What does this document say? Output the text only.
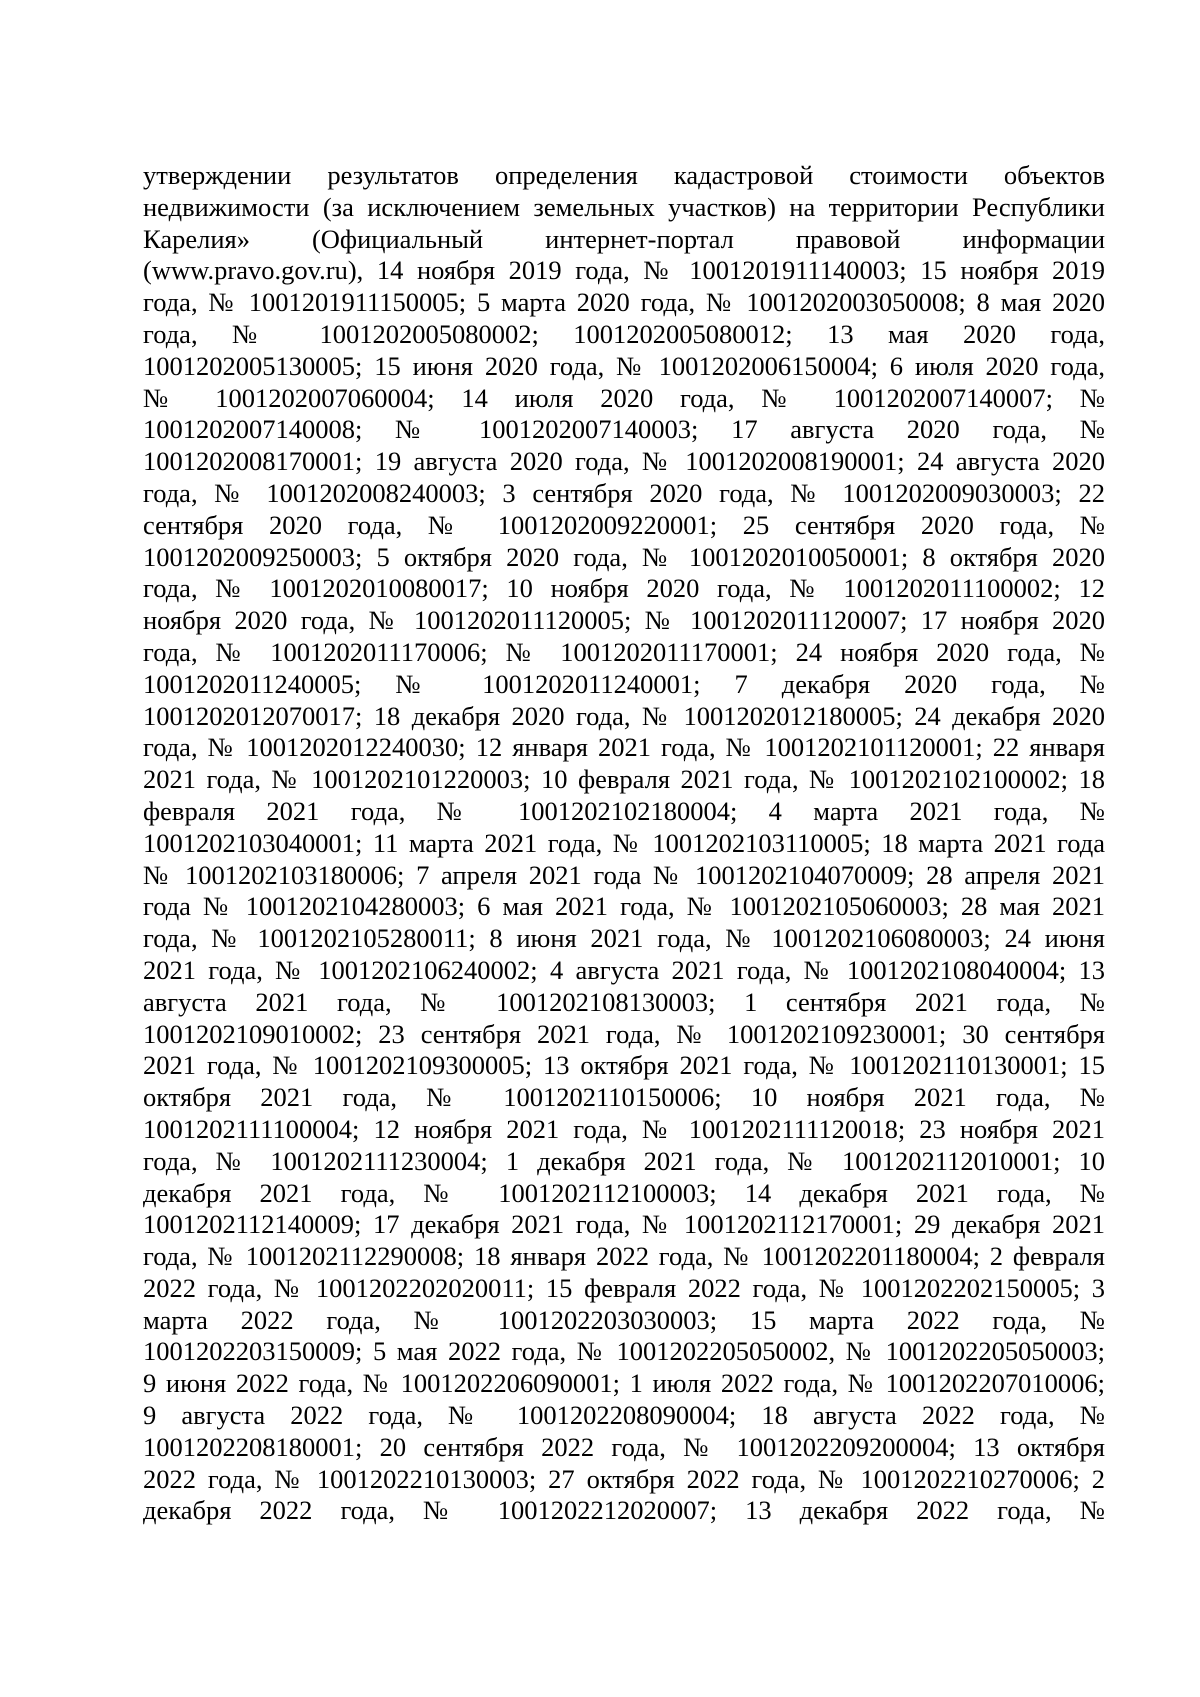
утверждении результатов определения кадастровой стоимости объектов
недвижимости (за исключением земельных участков) на территории Республики
Карелия» (Официальный интернет-портал правовой информации
(www.pravo.gov.ru), 14 ноября 2019 года, № 1001201911140003; 15 ноября 2019
года, № 1001201911150005; 5 марта 2020 года, № 1001202003050008; 8 мая 2020
года, № 1001202005080002; 1001202005080012; 13 мая 2020 года,
1001202005130005; 15 июня 2020 года, № 1001202006150004; 6 июля 2020 года,
№ 1001202007060004; 14 июля 2020 года, № 1001202007140007; №
1001202007140008; № 1001202007140003; 17 августа 2020 года, №
1001202008170001; 19 августа 2020 года, № 1001202008190001; 24 августа 2020
года, № 1001202008240003; 3 сентября 2020 года, № 1001202009030003; 22
сентября 2020 года, № 1001202009220001; 25 сентября 2020 года, №
1001202009250003; 5 октября 2020 года, № 1001202010050001; 8 октября 2020
года, № 1001202010080017; 10 ноября 2020 года, № 1001202011100002; 12
ноября 2020 года, № 1001202011120005; № 1001202011120007; 17 ноября 2020
года, № 1001202011170006; № 1001202011170001; 24 ноября 2020 года, №
1001202011240005; № 1001202011240001; 7 декабря 2020 года, №
1001202012070017; 18 декабря 2020 года, № 1001202012180005; 24 декабря 2020
года, № 1001202012240030; 12 января 2021 года, № 1001202101120001; 22 января
2021 года, № 1001202101220003; 10 февраля 2021 года, № 1001202102100002; 18
февраля 2021 года, № 1001202102180004; 4 марта 2021 года, №
1001202103040001; 11 марта 2021 года, № 1001202103110005; 18 марта 2021 года
№ 1001202103180006; 7 апреля 2021 года № 1001202104070009; 28 апреля 2021
года № 1001202104280003; 6 мая 2021 года, № 1001202105060003; 28 мая 2021
года, № 1001202105280011; 8 июня 2021 года, № 1001202106080003; 24 июня
2021 года, № 1001202106240002; 4 августа 2021 года, № 1001202108040004; 13
августа 2021 года, № 1001202108130003; 1 сентября 2021 года, №
1001202109010002; 23 сентября 2021 года, № 1001202109230001; 30 сентября
2021 года, № 1001202109300005; 13 октября 2021 года, № 1001202110130001; 15
октября 2021 года, № 1001202110150006; 10 ноября 2021 года, №
1001202111100004; 12 ноября 2021 года, № 1001202111120018; 23 ноября 2021
года, № 1001202111230004; 1 декабря 2021 года, № 1001202112010001; 10
декабря 2021 года, № 1001202112100003; 14 декабря 2021 года, №
1001202112140009; 17 декабря 2021 года, № 1001202112170001; 29 декабря 2021
года, № 1001202112290008; 18 января 2022 года, № 1001202201180004; 2 февраля
2022 года, № 1001202202020011; 15 февраля 2022 года, № 1001202202150005; 3
марта 2022 года, № 1001202203030003; 15 марта 2022 года, №
1001202203150009; 5 мая 2022 года, № 1001202205050002, № 1001202205050003;
9 июня 2022 года, № 1001202206090001; 1 июля 2022 года, № 1001202207010006;
9 августа 2022 года, № 1001202208090004; 18 августа 2022 года, №
1001202208180001; 20 сентября 2022 года, № 1001202209200004; 13 октября
2022 года, № 1001202210130003; 27 октября 2022 года, № 1001202210270006; 2
декабря 2022 года, № 1001202212020007; 13 декабря 2022 года, №
